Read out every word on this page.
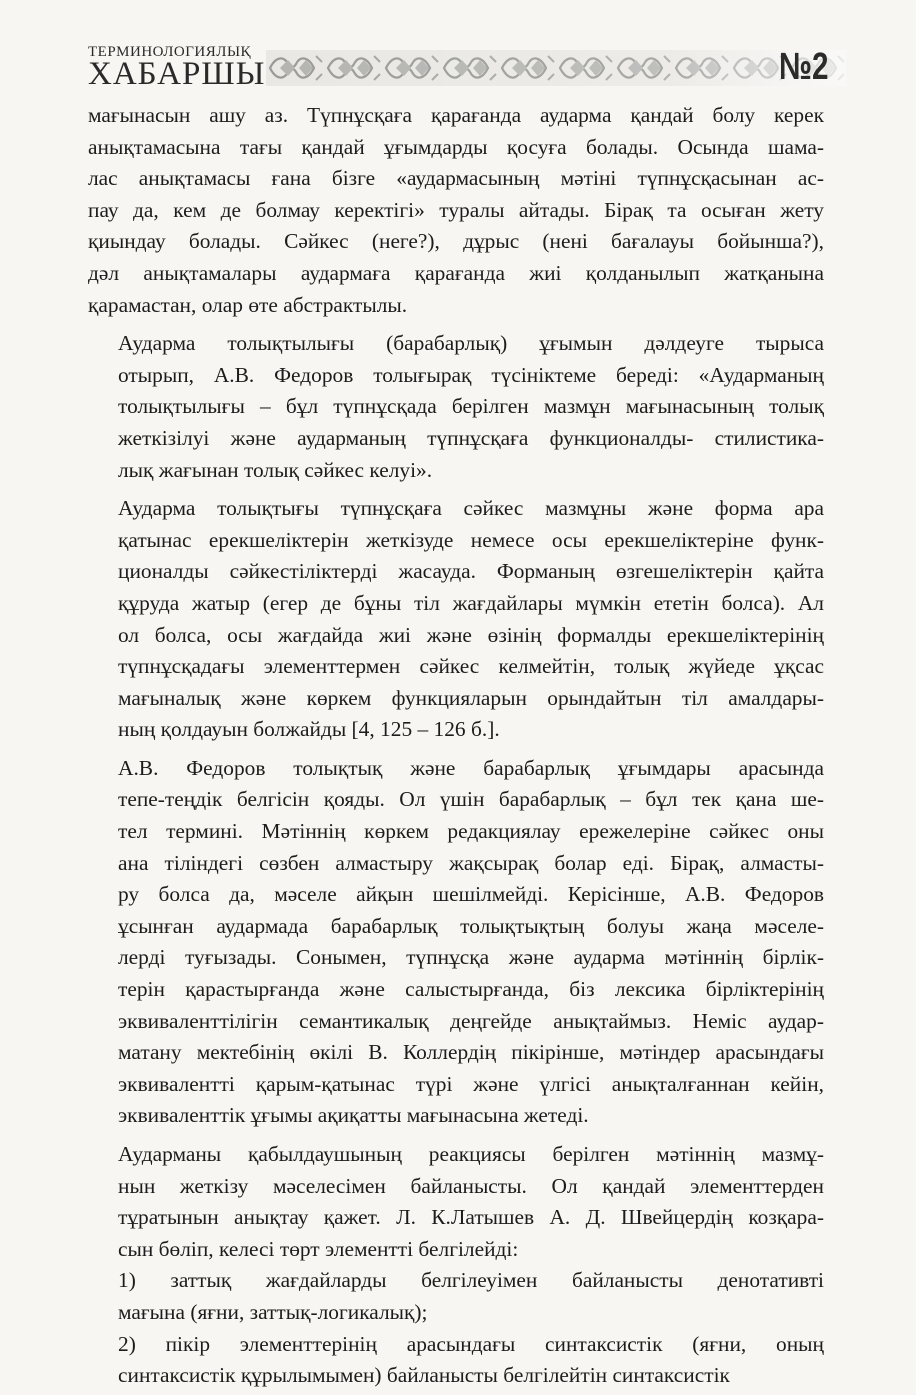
ТЕРМИНОЛОГИЯЛЫҚ
ХАБАРШЫ	№2
мағынасын ашу аз. Түпнұсқаға қарағанда аударма қандай болу керек
анықтамасына тағы қандай ұғымдарды қосуға болады. Осында шама-
лас анықтамасы ғана бізге «аудармасының мәтіні түпнұсқасынан ас-
пау да, кем де болмау керектігі» туралы айтады. Бірақ та осыған жету
қиындау болады. Сәйкес (неге?), дұрыс (нені бағалауы бойынша?),
дәл анықтамалары аудармаға қарағанда жиі қолданылып жатқанына
қарамастан, олар өте абстрактылы.
Аударма толықтылығы (барабарлық) ұғымын дәлдеуге тырыса
отырып, А.В. Федоров толығырақ түсініктеме береді: «Аударманың
толықтылығы – бұл түпнұсқада берілген мазмұн мағынасының толық
жеткізілуі және аударманың түпнұсқаға функционалды- стилистика-
лық жағынан толық сәйкес келуі».
Аударма толықтығы түпнұсқаға сәйкес мазмұны және форма ара
қатынас ерекшеліктерін жеткізуде немесе осы ерекшеліктеріне функ-
ционалды сәйкестіліктерді жасауда. Форманың өзгешеліктерін қайта
құруда жатыр (егер де бұны тіл жағдайлары мүмкін ететін болса). Ал
ол болса, осы жағдайда жиі және өзінің формалды ерекшеліктерінің
түпнұсқадағы элементтермен сәйкес келмейтін, толық жүйеде ұқсас
мағыналық және көркем функцияларын орындайтын тіл амалдары-
ның қолдауын болжайды [4, 125 – 126 б.].
А.В. Федоров толықтық және барабарлық ұғымдары арасында
тепе-теңдік белгісін қояды. Ол үшін барабарлық – бұл тек қана ше-
тел термині. Мәтіннің көркем редакциялау ережелеріне сәйкес оны
ана тіліндегі сөзбен алмастыру жақсырақ болар еді. Бірақ, алмасты-
ру болса да, мәселе айқын шешілмейді. Керісінше, А.В. Федоров
ұсынған аудармада барабарлық толықтықтың болуы жаңа мәселе-
лерді туғызады. Сонымен, түпнұсқа және аударма мәтіннің бірлік-
терін қарастырғанда және салыстырғанда, біз лексика бірліктерінің
эквиваленттілігін семантикалық деңгейде анықтаймыз. Неміс аудар-
матану мектебінің өкілі В. Коллердің пікірінше, мәтіндер арасындағы
эквивалентті қарым-қатынас түрі және үлгісі анықталғаннан кейін,
эквиваленттік ұғымы ақиқатты мағынасына жетеді.
Аударманы қабылдаушының реакциясы берілген мәтіннің мазмұ-
нын жеткізу мәселесімен байланысты. Ол қандай элементтерден
тұратынын анықтау қажет. Л. К.Латышев А. Д. Швейцердің козқара-
сын бөліп, келесі төрт элементті белгілейді:
1) заттық жағдайларды белгілеуімен байланысты денотативті
мағына (яғни, заттық-логикалық);
2) пікір элементтерінің арасындағы синтаксистік (яғни, оның
синтаксистік құрылымымен) байланысты белгілейтін синтаксистік
